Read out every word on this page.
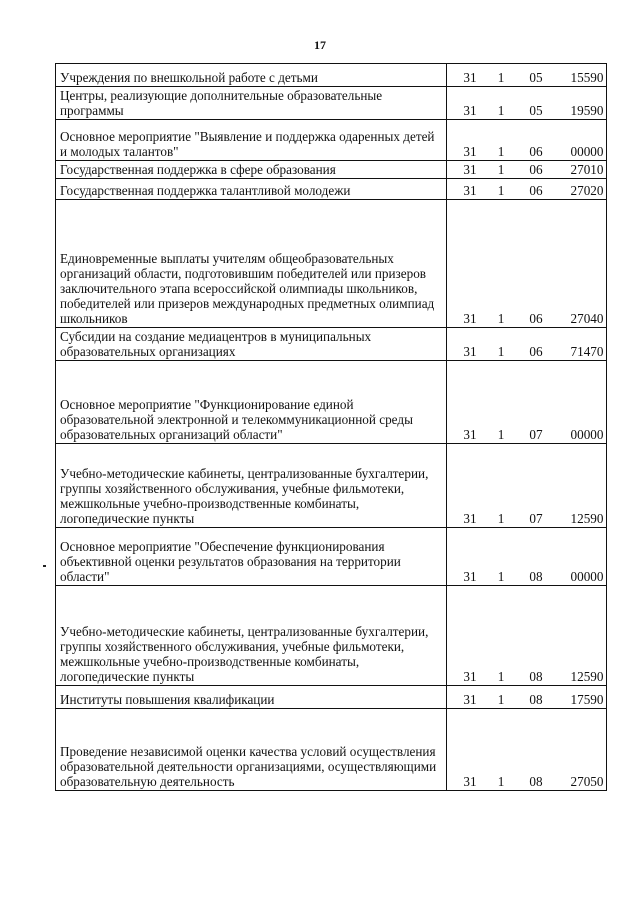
17
Учреждения по внешкольной работе с детьми	31 1 05 15590

Центры, реализующие дополнительные образовательные программы	31 1 05 19590

Основное мероприятие "Выявление и поддержка одаренных детей и молодых талантов"	31 1 06 00000

Государственная поддержка в сфере образования	31 1 06 27010

Государственная поддержка талантливой молодежи	31 1 06 27020

Единовременные выплаты учителям общеобразовательных организаций области, подготовившим победителей или призеров заключительного этапа всероссийской олимпиады школьников, победителей или призеров международных предметных олимпиад школьников	31 1 06 27040

Субсидии на создание медиацентров в муниципальных образовательных организациях	31 1 06 71470

Основное мероприятие "Функционирование единой образовательной электронной и телекоммуникационной среды образовательных организаций области"	31 1 07 00000

Учебно-методические кабинеты, централизованные бухгалтерии, группы хозяйственного обслуживания, учебные фильмотеки, межшкольные учебно-производственные комбинаты, логопедические пункты	31 1 07 12590

Основное мероприятие "Обеспечение функционирования объективной оценки результатов образования на территории области"	31 1 08 00000

Учебно-методические кабинеты, централизованные бухгалтерии, группы хозяйственного обслуживания, учебные фильмотеки, межшкольные учебно-производственные комбинаты, логопедические пункты	31 1 08 12590

Институты повышения квалификации	31 1 08 17590

Проведение независимой оценки качества условий осуществления образовательной деятельности организациями, осуществляющими образовательную деятельность	31 1 08 27050
